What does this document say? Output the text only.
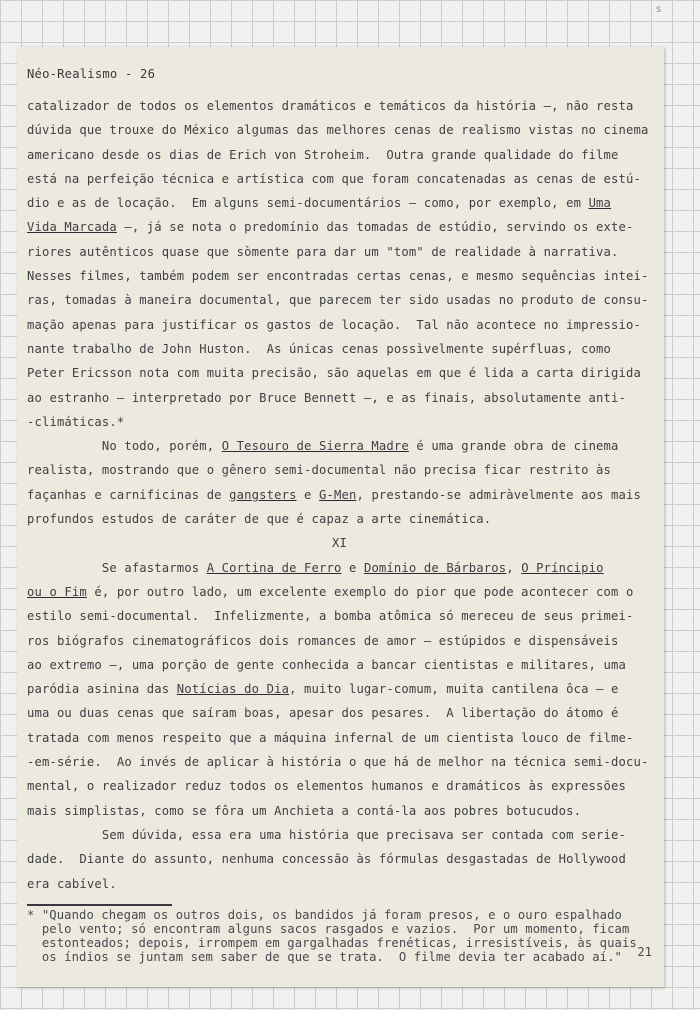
s
Néo-Realismo - 26
catalizador de todos os elementos dramáticos e temáticos da história —, não resta
dúvida que trouxe do México algumas das melhores cenas de realismo vistas no cinema
americano desde os dias de Erich von Stroheim.  Outra grande qualidade do filme
está na perfeição técnica e artística com que foram concatenadas as cenas de estú-
dio e as de locação.  Em alguns semi-documentários — como, por exemplo, em Uma
Vida Marcada —, já se nota o predomínio das tomadas de estúdio, servindo os exte-
riores autênticos quase que sòmente para dar um "tom" de realidade à narrativa.
Nesses filmes, também podem ser encontradas certas cenas, e mesmo sequências intei-
ras, tomadas à maneira documental, que parecem ter sido usadas no produto de consu-
mação apenas para justificar os gastos de locação.  Tal não acontece no impressio-
nante trabalho de John Huston.  As únicas cenas possìvelmente supérfluas, como
Peter Ericsson nota com muita precisão, são aquelas em que é lida a carta dirigida
ao estranho — interpretado por Bruce Bennett —, e as finais, absolutamente anti-
-climáticas.*
No todo, porém, O Tesouro de Sierra Madre é uma grande obra de cinema
realista, mostrando que o gênero semi-documental não precisa ficar restrito às
façanhas e carnificinas de gangsters e G-Men, prestando-se admiràvelmente aos mais
profundos estudos de caráter de que é capaz a arte cinemática.
XI
Se afastarmos A Cortina de Ferro e Domínio de Bárbaros, O Príncipio
ou o Fim é, por outro lado, um excelente exemplo do pior que pode acontecer com o
estilo semi-documental.  Infelizmente, a bomba atômica só mereceu de seus primei-
ros biógrafos cinematográficos dois romances de amor — estúpidos e dispensáveis
ao extremo —, uma porção de gente conhecida a bancar cientistas e militares, uma
paródia asinina das Notícias do Dia, muito lugar-comum, muita cantilena ôca — e
uma ou duas cenas que saíram boas, apesar dos pesares.  A libertação do átomo é
tratada com menos respeito que a máquina infernal de um cientista louco de filme-
-em-série.  Ao invés de aplicar à história o que há de melhor na técnica semi-docu-
mental, o realizador reduz todos os elementos humanos e dramáticos às expressões
mais simplistas, como se fôra um Anchieta a contá-la aos pobres botucudos.
Sem dúvida, essa era uma história que precisava ser contada com serie-
dade.  Diante do assunto, nenhuma concessão às fórmulas desgastadas de Hollywood
era cabível.
* "Quando chegam os outros dois, os bandidos já foram presos, e o ouro espalhado
pelo vento; só encontram alguns sacos rasgados e vazios.  Por um momento, ficam
estonteados; depois, irrompem em gargalhadas frenéticas, irresistíveis, às quais
os índios se juntam sem saber de que se trata.  O filme devia ter acabado aí."	21
